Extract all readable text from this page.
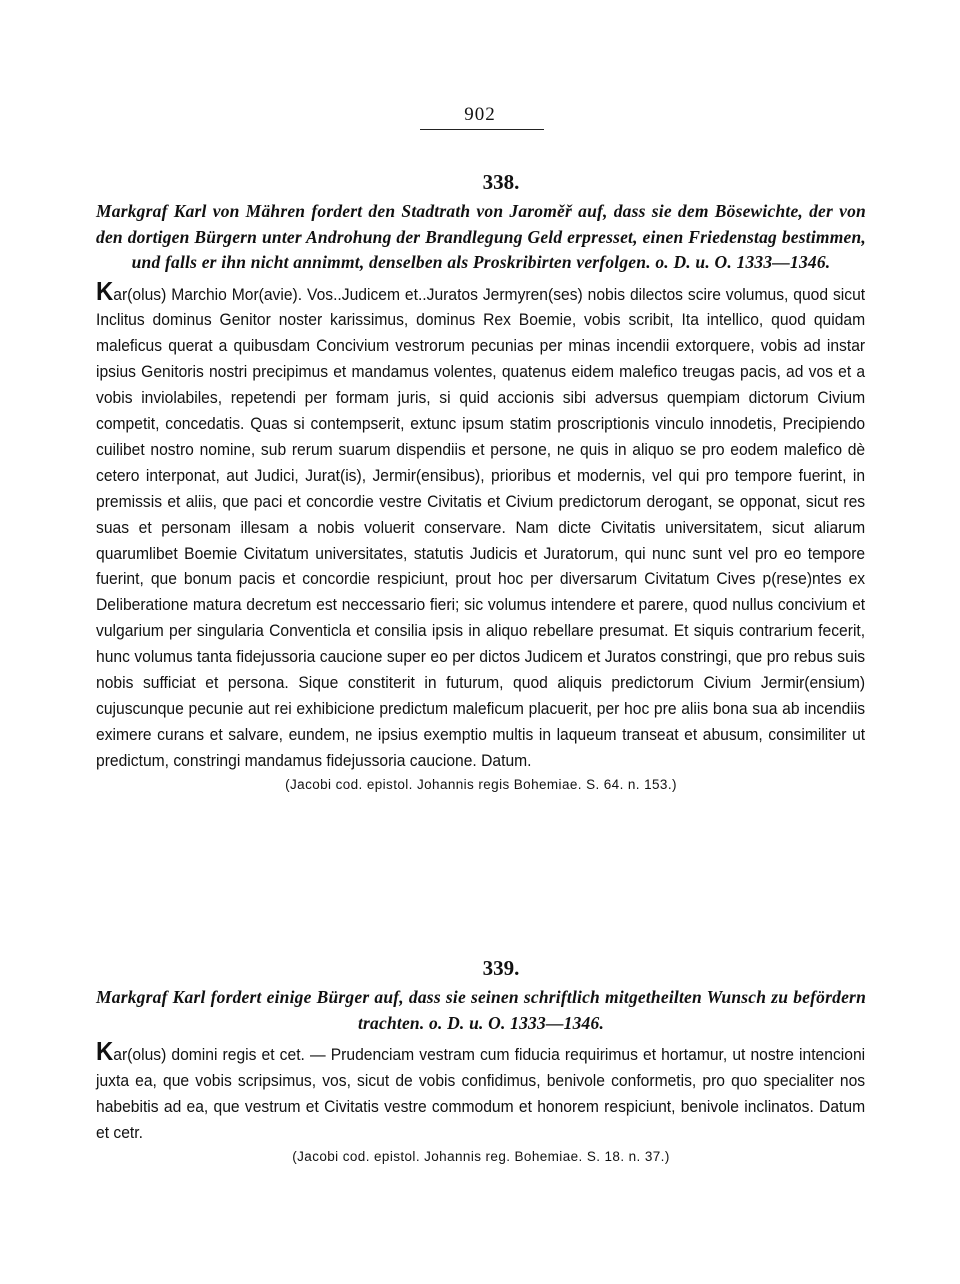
902
338.
Markgraf Karl von Mähren fordert den Stadtrath von Jaroměř auf, dass sie dem Bösewichte, der von den dortigen Bürgern unter Androhung der Brandlegung Geld erpresset, einen Friedenstag bestimmen, und falls er ihn nicht annimmt, denselben als Proskribirten verfolgen. o. D. u. O. 1333—1346.

Kar(olus) Marchio Mor(avie). Vos..Judicem et..Juratos Jermyren(ses) nobis dilectos scire volumus, quod sicut Inclitus dominus Genitor noster karissimus, dominus Rex Boemie, vobis scribit, Ita intellico, quod quidam maleficus querat a quibusdam Concivium vestrorum pecunias per minas incendii extorquere, vobis ad instar ipsius Genitoris nostri precipimus et mandamus volentes, quatenus eidem malefico treugas pacis, ad vos et a vobis inviolabiles, repetendi per formam juris, si quid accionis sibi adversus quempiam dictorum Civium competit, concedatis. Quas si contempserit, extunc ipsum statim proscriptionis vinculo innodetis, Precipiendo cuilibet nostro nomine, sub rerum suarum dispendiis et persone, ne quis in aliquo se pro eodem malefico dè cetero interponat, aut Judici, Jurat(is), Jermir(ensibus), prioribus et modernis, vel qui pro tempore fuerint, in premissis et aliis, que paci et concordie vestre Civitatis et Civium predictorum derogant, se opponat, sicut res suas et personam illesam a nobis voluerit conservare. Nam dicte Civitatis universitatem, sicut aliarum quarumlibet Boemie Civitatum universitates, statutis Judicis et Juratorum, qui nunc sunt vel pro eo tempore fuerint, que bonum pacis et concordie respiciunt, prout hoc per diversarum Civitatum Cives p(rese)ntes ex Deliberatione matura decretum est neccessario fieri; sic volumus intendere et parere, quod nullus concivium et vulgarium per singularia Conventicla et consilia ipsis in aliquo rebellare presumat. Et siquis contrarium fecerit, hunc volumus tanta fidejussoria caucione super eo per dictos Judicem et Juratos constringi, que pro rebus suis nobis sufficiat et persona. Sique constiterit in futurum, quod aliquis predictorum Civium Jermir(ensium) cujuscunque pecunie aut rei exhibicione predictum maleficum placuerit, per hoc pre aliis bona sua ab incendiis eximere curans et salvare, eundem, ne ipsius exemptio multis in laqueum transeat et abusum, consimiliter ut predictum, constringi mandamus fidejussoria caucione. Datum.

(Jacobi cod. epistol. Johannis regis Bohemiae. S. 64. n. 153.)
339.
Markgraf Karl fordert einige Bürger auf, dass sie seinen schriftlich mitgetheilten Wunsch zu befördern trachten. o. D. u. O. 1333—1346.

Kar(olus) domini regis et cet. — Prudenciam vestram cum fiducia requirimus et hortamur, ut nostre intencioni juxta ea, que vobis scripsimus, vos, sicut de vobis confidimus, benivole conformetis, pro quo specialiter nos habebitis ad ea, que vestrum et Civitatis vestre commodum et honorem respiciunt, benivole inclinatos. Datum et cetr.

(Jacobi cod. epistol. Johannis reg. Bohemiae. S. 18. n. 37.)
